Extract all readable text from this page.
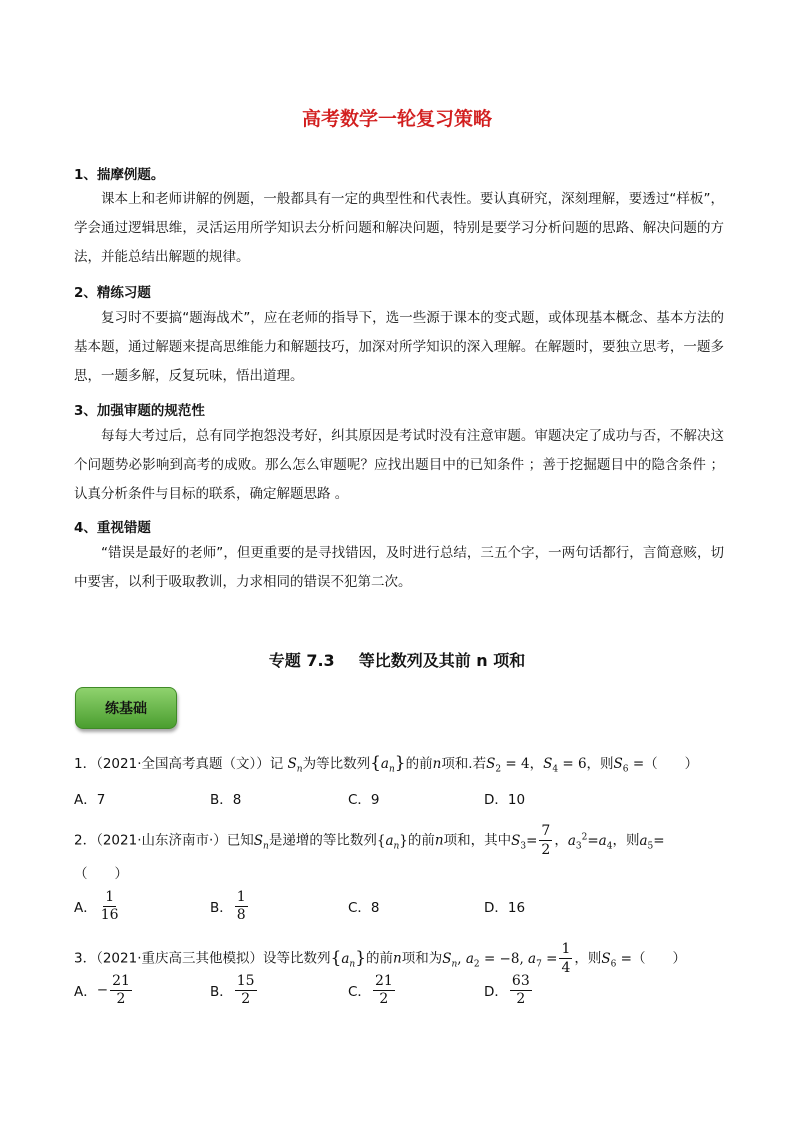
高考数学一轮复习策略
1、揣摩例题。

课本上和老师讲解的例题，一般都具有一定的典型性和代表性。要认真研究，深刻理解，要透过“样板”，学会通过逻辑思维，灵活运用所学知识去分析问题和解决问题，特别是要学习分析问题的思路、解决问题的方法，并能总结出解题的规律。

2、精练习题

复习时不要搞“题海战术”，应在老师的指导下，选一些源于课本的变式题，或体现基本概念、基本方法的基本题，通过解题来提高思维能力和解题技巧，加深对所学知识的深入理解。在解题时，要独立思考，一题多思，一题多解，反复玩味，悟出道理。

3、加强审题的规范性

每每大考过后，总有同学抱怨没考好，纠其原因是考试时没有注意审题。审题决定了成功与否，不解决这个问题势必影响到高考的成败。那么怎么审题呢？应找出题目中的已知条件 ；善于挖掘题目中的隐含条件 ；认真分析条件与目标的联系，确定解题思路 。

4、重视错题

“错误是最好的老师”，但更重要的是寻找错因，及时进行总结，三五个字，一两句话都行，言简意赅，切中要害，以利于吸取教训，力求相同的错误不犯第二次。

专题 7.3 等比数列及其前 n 项和
练基础
1．（2021·全国高考真题（文））记 $S_n$为等比数列$\{a_n\}$的前n项和.若$S_2 = 4$，$S_4 = 6$，则$S_6$ =（　　）
A．7	B．8	C．9	D．10
2．（2021·山东济南市·）已知$S_n$是递增的等比数列$\{a_n\}$的前n项和，其中$S_3= \frac{7}{2}$ ，$a_3^2=a_4$，则$a_5=$
（　　）
A． $\frac{1}{16}$	B． $\frac{1}{8}$	C．8	D．16
3．（2021·重庆高三其他模拟）设等比数列$\{a_n\}$的前n项和为$S_n$, $a_2 = -8$, $a_7 = \frac{1}{4}$ ，则$S_6$ =（　　）
A． − $\frac{21}{2}$	B． $\frac{15}{2}$	C． $\frac{21}{2}$	D． $\frac{63}{2}$
